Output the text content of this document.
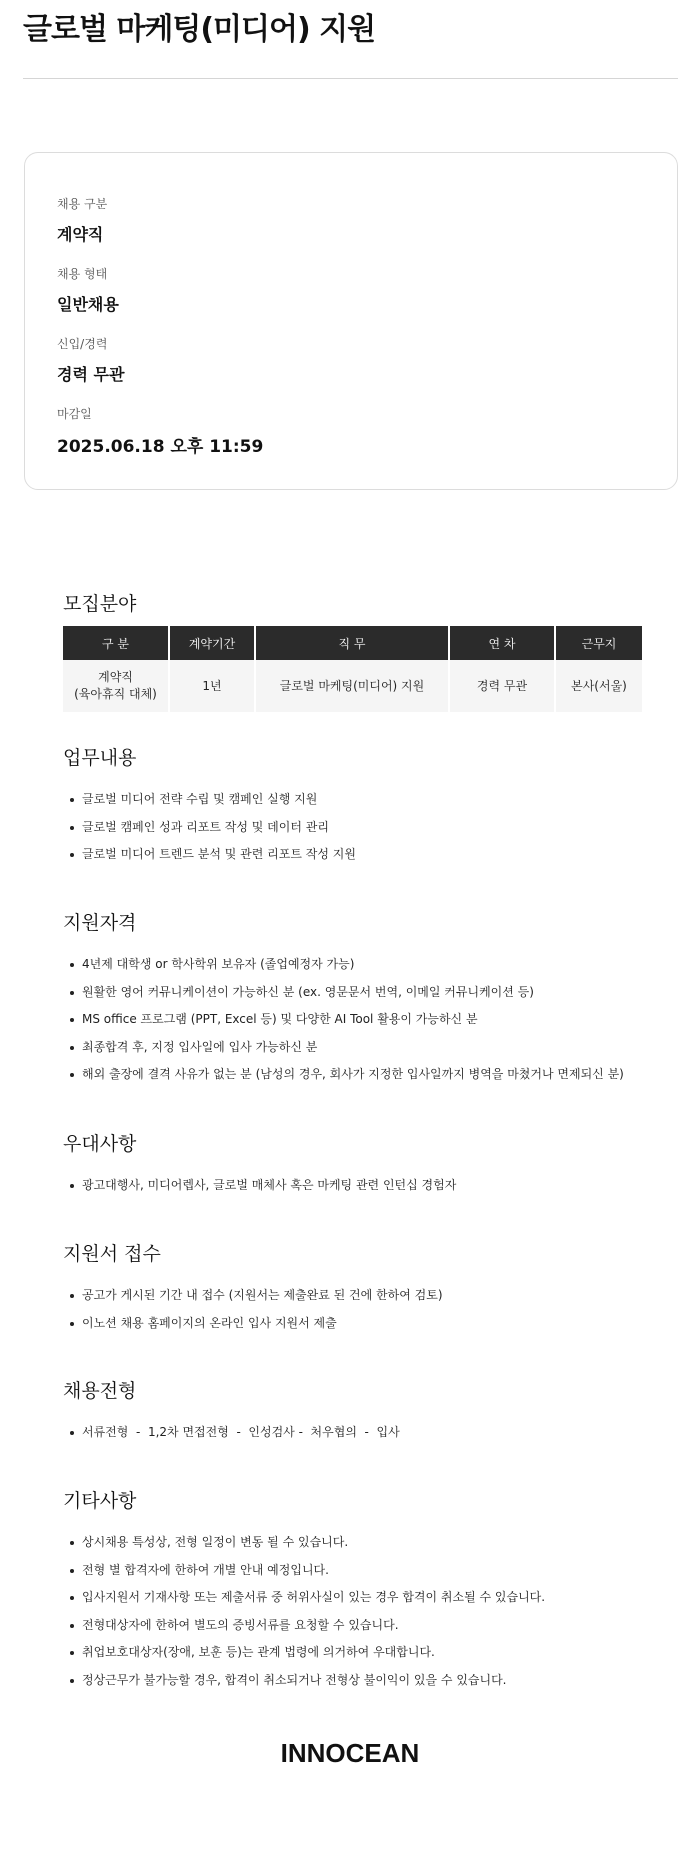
글로벌 마케팅(미디어) 지원
채용 구분
계약직
채용 형태
일반채용
신입/경력
경력 무관
마감일
2025.06.18 오후 11:59
모집분야
구 분	계약기간	직 무	연 차	근무지
계약직
(육아휴직 대체)	1년	글로벌 마케팅(미디어) 지원	경력 무관	본사(서울)
업무내용
글로벌 미디어 전략 수립 및 캠페인 실행 지원
글로벌 캠페인 성과 리포트 작성 및 데이터 관리
글로벌 미디어 트렌드 분석 및 관련 리포트 작성 지원
지원자격
4년제 대학생 or 학사학위 보유자 (졸업예정자 가능)
원활한 영어 커뮤니케이션이 가능하신 분 (ex. 영문문서 번역, 이메일 커뮤니케이션 등)
MS office 프로그램 (PPT, Excel 등) 및 다양한 AI Tool 활용이 가능하신 분
최종합격 후, 지정 입사일에 입사 가능하신 분
해외 출장에 결격 사유가 없는 분 (남성의 경우, 회사가 지정한 입사일까지 병역을 마쳤거나 면제되신 분)
우대사항
광고대행사, 미디어렙사, 글로벌 매체사 혹은 마케팅 관련 인턴십 경험자
지원서 접수
공고가 게시된 기간 내 접수 (지원서는 제출완료 된 건에 한하여 검토)
이노션 채용 홈페이지의 온라인 입사 지원서 제출
채용전형
서류전형  -  1,2차 면접전형  -  인성검사 -  처우협의  -  입사
기타사항
상시채용 특성상, 전형 일정이 변동 될 수 있습니다.
전형 별 합격자에 한하여 개별 안내 예정입니다.
입사지원서 기재사항 또는 제출서류 중 허위사실이 있는 경우 합격이 취소될 수 있습니다.
전형대상자에 한하여 별도의 증빙서류를 요청할 수 있습니다.
취업보호대상자(장애, 보훈 등)는 관계 법령에 의거하여 우대합니다.
정상근무가 불가능할 경우, 합격이 취소되거나 전형상 불이익이 있을 수 있습니다.
INNOCEAN
